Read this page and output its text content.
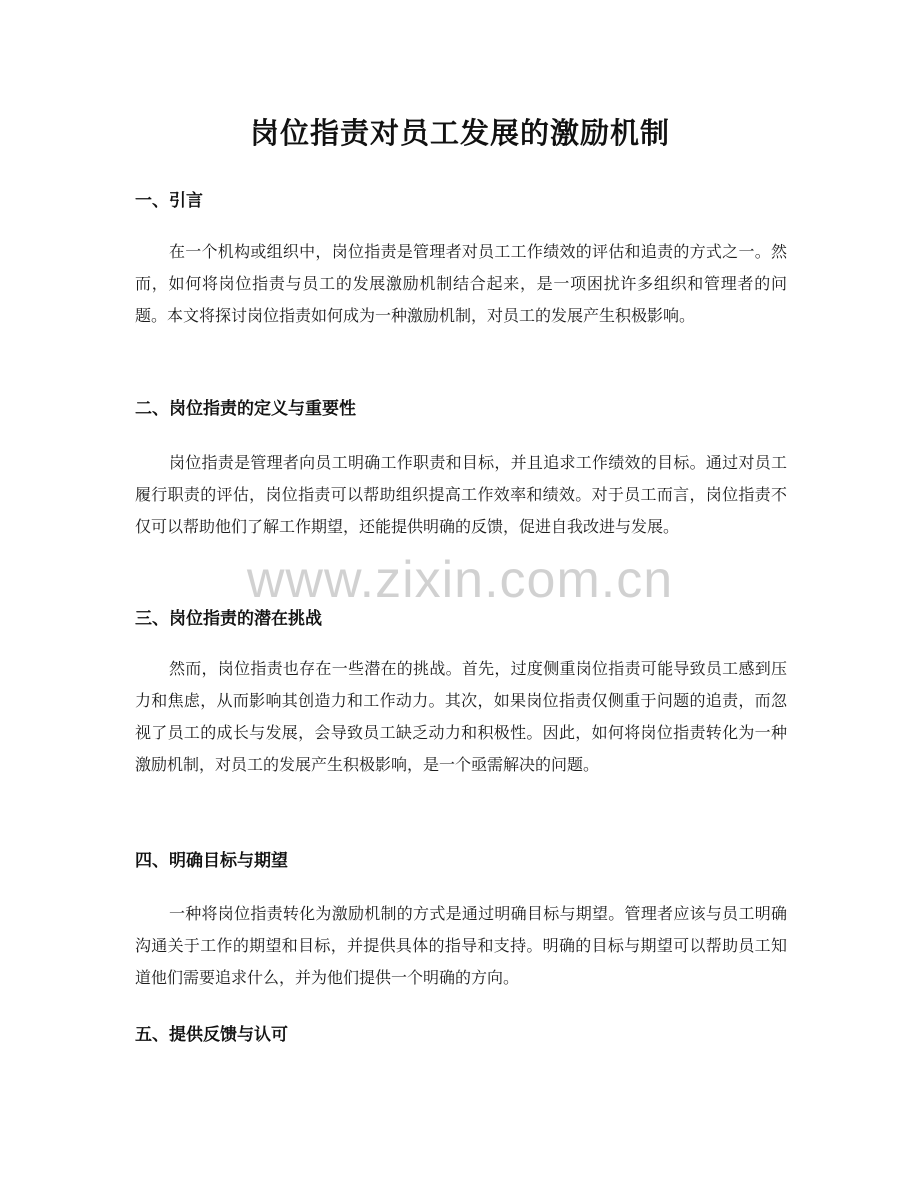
岗位指责对员工发展的激励机制
一、引言

在一个机构或组织中，岗位指责是管理者对员工工作绩效的评估和追责的方式之一。然而，如何将岗位指责与员工的发展激励机制结合起来，是一项困扰许多组织和管理者的问题。本文将探讨岗位指责如何成为一种激励机制，对员工的发展产生积极影响。

二、岗位指责的定义与重要性

岗位指责是管理者向员工明确工作职责和目标，并且追求工作绩效的目标。通过对员工履行职责的评估，岗位指责可以帮助组织提高工作效率和绩效。对于员工而言，岗位指责不仅可以帮助他们了解工作期望，还能提供明确的反馈，促进自我改进与发展。

三、岗位指责的潜在挑战

然而，岗位指责也存在一些潜在的挑战。首先，过度侧重岗位指责可能导致员工感到压力和焦虑，从而影响其创造力和工作动力。其次，如果岗位指责仅侧重于问题的追责，而忽视了员工的成长与发展，会导致员工缺乏动力和积极性。因此，如何将岗位指责转化为一种激励机制，对员工的发展产生积极影响，是一个亟需解决的问题。

四、明确目标与期望

一种将岗位指责转化为激励机制的方式是通过明确目标与期望。管理者应该与员工明确沟通关于工作的期望和目标，并提供具体的指导和支持。明确的目标与期望可以帮助员工知道他们需要追求什么，并为他们提供一个明确的方向。

五、提供反馈与认可
www.zixin.com.cn
